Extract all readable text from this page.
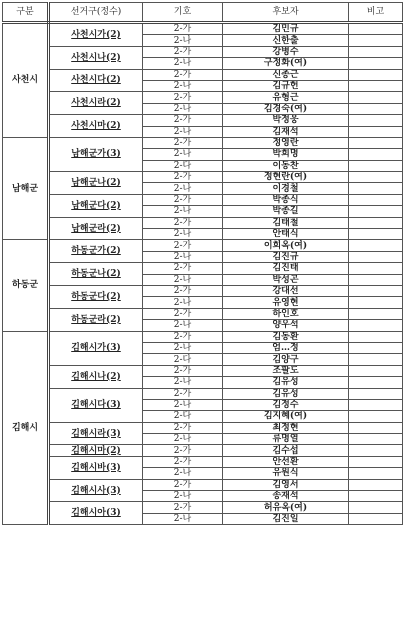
구분	선거구(정수)	기호	후보자	비고
사천시	사천시가(2)	2-가	김민규	
		2-나	신한출	
	사천시나(2)	2-가	강병수	
		2-나	구정화(여)	
	사천시다(2)	2-가	신종근	
		2-나	김규헌	
	사천시라(2)	2-가	유형근	
		2-나	김경숙(여)	
	사천시마(2)	2-가	박정웅	
		2-나	김재석	
남해군	남해군가(3)	2-가	정영란	
		2-나	박희명	
		2-다	이동찬	
	남해군나(2)	2-가	정현란(여)	
		2-나	이경철	
	남해군다(2)	2-가	박종식	
		2-나	박종길	
	남해군라(2)	2-가	김태철	
		2-나	안태식	
하동군	하동군가(2)	2-가	이희옥(여)	
		2-나	김진규	
	하동군나(2)	2-가	김진태	
		2-나	박성곤	
	하동군다(2)	2-가	강대선	
		2-나	유영현	
	하동군라(2)	2-가	하인호	
		2-나	양우석	
김해시	김해시가(3)	2-가	김동환	
		2-나	엄…정	
		2-다	김양구	
	김해시나(2)	2-가	조팔도	
		2-나	김유성	
	김해시다(3)	2-가	김유성	
		2-나	김정수	
		2-다	김지혜(여)	
	김해시라(3)	2-가	최정현	
		2-나	류명열	
	김해시마(2)	2-가	김수섭	
	김해시바(3)	2-가	안선환	
		2-나	유원식	
	김해시사(3)	2-가	김영서	
		2-나	송재석	
	김해시아(3)	2-가	허유옥(여)	
		2-나	김진일	
